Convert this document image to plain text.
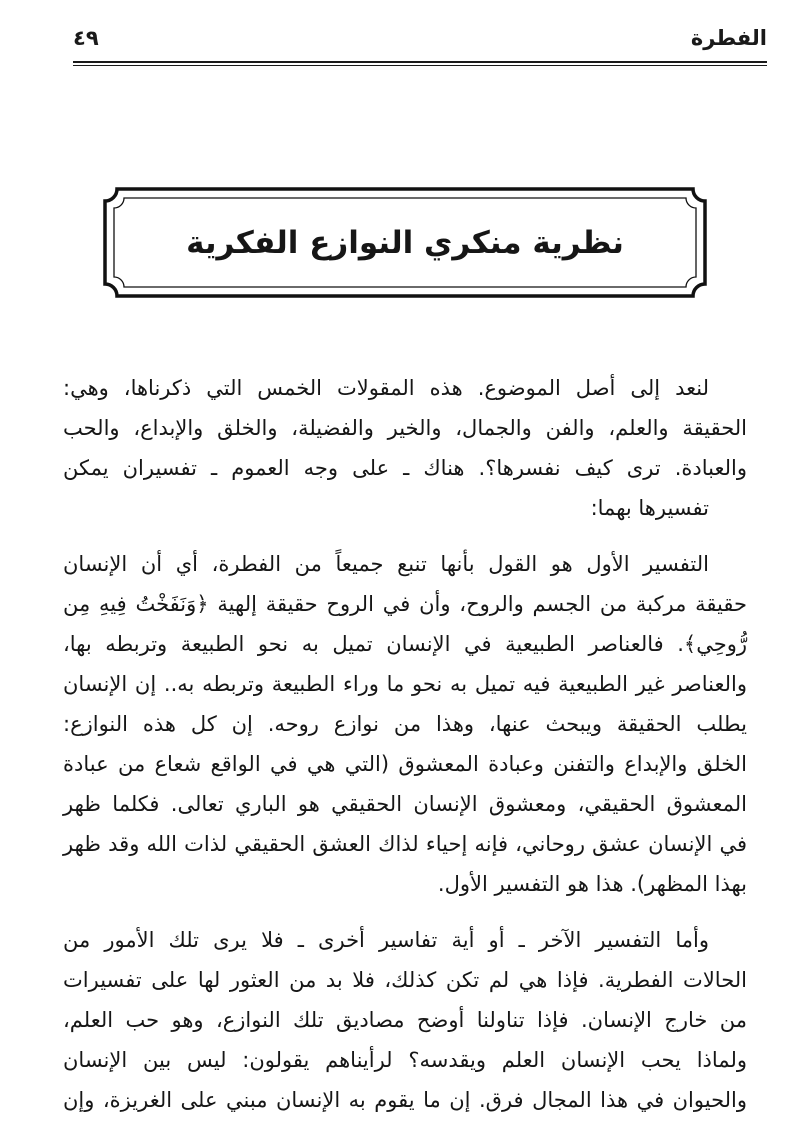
٤٩	الفطرة
نظرية منكري النوازع الفكرية

لنعد إلى أصل الموضوع. هذه المقولات الخمس التي ذكرناها، وهي:
الحقيقة والعلم، والفن والجمال، والخير والفضيلة، والخلق والإبداع، والحب
والعبادة. ترى كيف نفسرها؟. هناك ـ على وجه العموم ـ تفسيران يمكن
تفسيرها بهما:

التفسير الأول هو القول بأنها تنبع جميعاً من الفطرة، أي أن الإنسان
حقيقة مركبة من الجسم والروح، وأن في الروح حقيقة إلهية ﴿وَنَفَخْتُ فِيهِ مِن
رُّوحِي﴾. فالعناصر الطبيعية في الإنسان تميل به نحو الطبيعة وتربطه بها،
والعناصر غير الطبيعية فيه تميل به نحو ما وراء الطبيعة وتربطه به.. إن الإنسان
يطلب الحقيقة ويبحث عنها، وهذا من نوازع روحه. إن كل هذه النوازع:
الخلق والإبداع والتفنن وعبادة المعشوق (التي هي في الواقع شعاع من عبادة
المعشوق الحقيقي، ومعشوق الإنسان الحقيقي هو الباري تعالى. فكلما ظهر
في الإنسان عشق روحاني، فإنه إحياء لذاك العشق الحقيقي لذات الله وقد ظهر
بهذا المظهر). هذا هو التفسير الأول.

وأما التفسير الآخر ـ أو أية تفاسير أخرى ـ فلا يرى تلك الأمور من
الحالات الفطرية. فإذا هي لم تكن كذلك، فلا بد من العثور لها على تفسيرات
من خارج الإنسان. فإذا تناولنا أوضح مصاديق تلك النوازع، وهو حب العلم،
ولماذا يحب الإنسان العلم ويقدسه؟ لرأيناهم يقولون: ليس بين الإنسان
والحيوان في هذا المجال فرق. إن ما يقوم به الإنسان مبني على الغريزة، وإن
